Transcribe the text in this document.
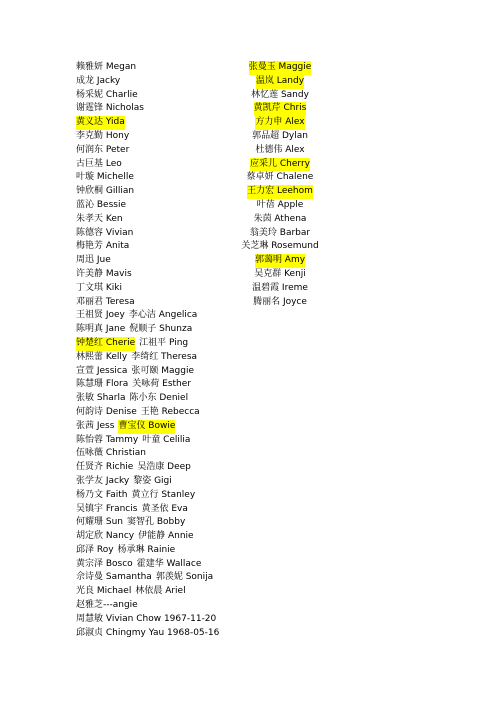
赖雅妍 Megan
成龙 Jacky
杨采妮 Charlie
谢霆锋 Nicholas
黄义达 Yida
李克勤 Hony
何润东 Peter
古巨基 Leo
叶璇 Michelle
钟欣桐 Gillian
蓝沁 Bessie
朱孝天 Ken
陈德容 Vivian
梅艳芳 Anita
周迅 Jue
许美静 Mavis
丁文琪 Kiki
邓丽君 Teresa
王祖贤 Joey 李心洁 Angelica
陈明真 Jane 倪顺子 Shunza
钟楚红 Cherie 江祖平 Ping
林熙蕾 Kelly 李绮红 Theresa
宣萱 Jessica 张可颐 Maggie
陈慧珊 Flora 关咏荷 Esther
张敏 Sharla 陈小东 Deniel
何韵诗 Denise 王艳 Rebecca
张茜 Jess 曹宝仪 Bowie
陈怡蓉 Tammy 叶童 Celilia
伍咏薇 Christian
任贤齐 Richie 吴浩康 Deep
张学友 Jacky 黎姿 Gigi
杨乃文 Faith 黄立行 Stanley
吴镇宇 Francis 黄圣依 Eva
何耀珊 Sun 窦智孔 Bobby
胡定欣 Nancy 伊能静 Annie
邱泽 Roy 杨承琳 Rainie
黄宗泽 Bosco 霍建华 Wallace
佘诗曼 Samantha 郭羡妮 Sonija
光良 Michael 林依晨 Ariel
赵雅芝---angie
周慧敏 Vivian Chow 1967-11-20
邱淑贞 Chingmy Yau 1968-05-16
张曼玉 Maggie
温岚 Landy
林忆莲 Sandy
黄凯芹 Chris
方力申 Alex
郭品超 Dylan
杜德伟 Alex
应采儿 Cherry
蔡卓妍 Chalene
王力宏 Leehom
叶蓓 Apple
朱茵 Athena
翁美玲 Barbar
关芝琳 Rosemund
郭蔼明 Amy
吴克群 Kenji
温碧霞 Ireme
腾丽名 Joyce
